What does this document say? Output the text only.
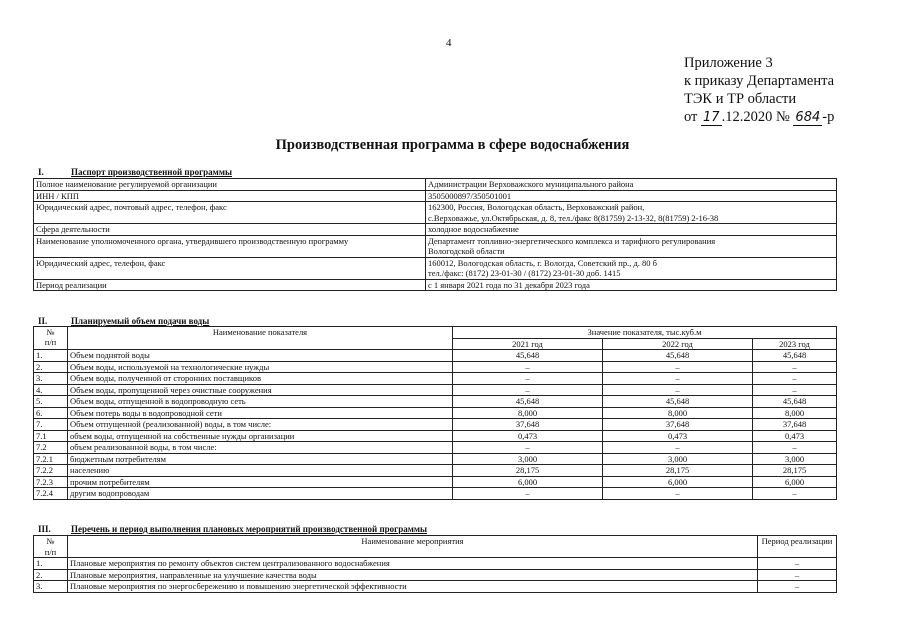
4
Приложение 3
к приказу Департамента
ТЭК и ТР области
от 17 .12.2020 № 684 -р
Производственная программа в сфере водоснабжения
I.	Паспорт производственной программы
Полное наименование регулируемой организации	Администрации Верховажского муниципального района

ИНН / КПП	3505000897/350501001

Юридический адрес, почтовый адрес, телефон, факс	162300, Россия, Вологодская область, Верховажский район,
с.Верховажье, ул.Октябрьская, д. 8, тел./факс 8(81759) 2-13-32, 8(81759) 2-16-38

Сфера деятельности	холодное водоснабжение

Наименование уполномоченного органа, утвердившего производственную программу	Департамент топливно-энергетического комплекса и тарифного регулирования
Вологодской области

Юридический адрес, телефон, факс	160012, Вологодская область, г. Вологда, Советский пр., д. 80 б
тел./факс: (8172) 23-01-30 / (8172) 23-01-30 доб. 1415

Период реализации	с 1 января 2021 года по 31 декабря 2023 года
II.	Планируемый объем подачи воды
№
п/п	Наименование показателя	Значение показателя, тыс.куб.м		
		2021 год	2022 год	2023 год
1.	Объем поднятой воды	45,648	45,648	45,648
2.	Объем воды, используемой на технологические нужды	–	–	–
3.	Объем воды, полученной от сторонних поставщиков	–	–	–
4.	Объем воды, пропущенной через очистные сооружения	–	–	–
5.	Объем воды, отпущенной в водопроводную сеть	45,648	45,648	45,648
6.	Объем потерь воды в водопроводной сети	8,000	8,000	8,000
7.	Объем отпущенной (реализованной) воды, в том числе:	37,648	37,648	37,648
7.1	объем воды, отпущенной на собственные нужды организации	0,473	0,473	0,473
7.2	объем реализованной воды, в том числе:	–	–	–
7.2.1	бюджетным потребителям	3,000	3,000	3,000
7.2.2	населению	28,175	28,175	28,175
7.2.3	прочим потребителям	6,000	6,000	6,000
7.2.4	другим водопроводам	–	–	–
III. Перечень и период выполнения плановых мероприятий производственной программы
№
п/п	Наименование мероприятия	Период реализации
1.	Плановые мероприятия по ремонту объектов систем централизованного водоснабжения	–
2.	Плановые мероприятия, направленные на улучшение качества воды	–
3.	Плановые мероприятия по энергосбережению и повышению энергетической эффективности	–
